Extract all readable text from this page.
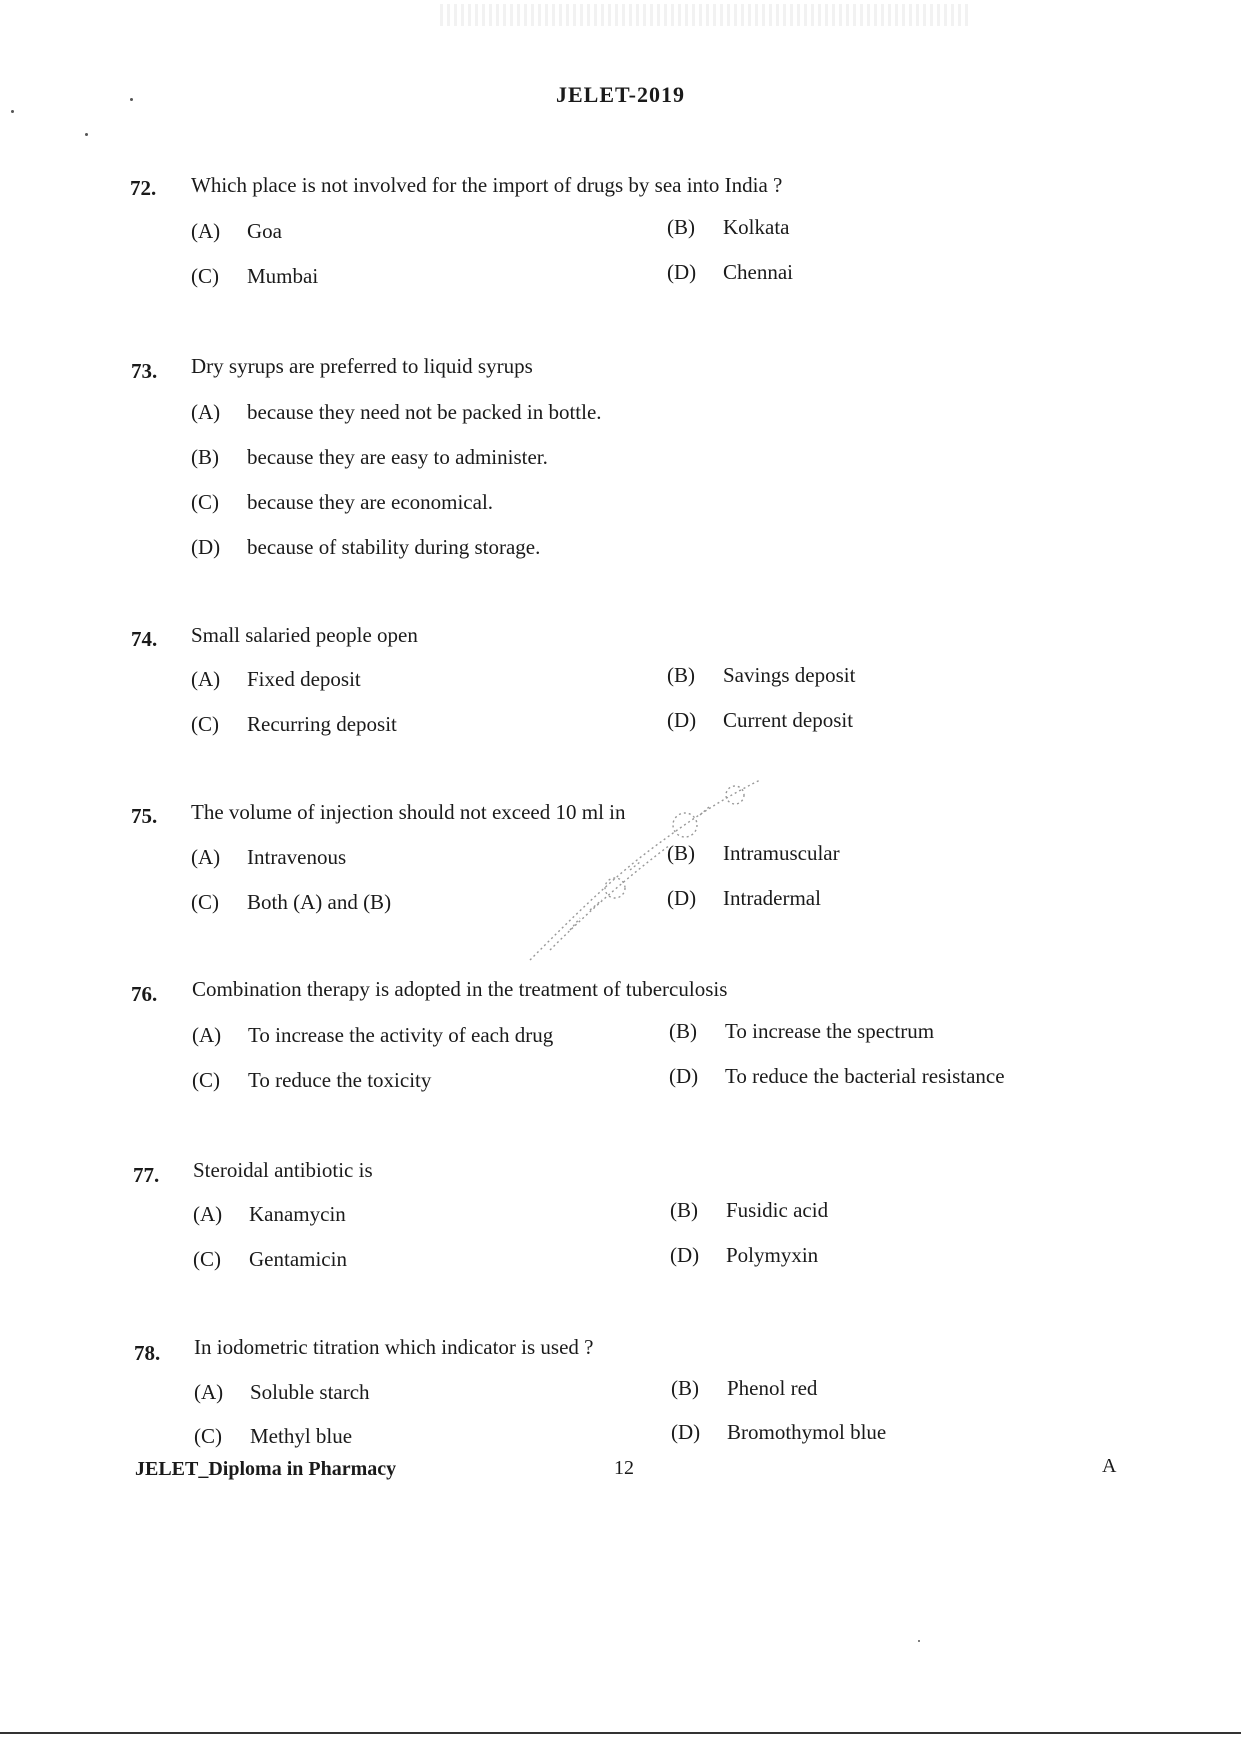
JELET-2019
72. Which place is not involved for the import of drugs by sea into India ?
(A) Goa	(B) Kolkata
(C) Mumbai	(D) Chennai
73. Dry syrups are preferred to liquid syrups
(A) because they need not be packed in bottle.
(B) because they are easy to administer.
(C) because they are economical.
(D) because of stability during storage.
74. Small salaried people open
(A) Fixed deposit	(B) Savings deposit
(C) Recurring deposit	(D) Current deposit
75. The volume of injection should not exceed 10 ml in
(A) Intravenous	(B) Intramuscular
(C) Both (A) and (B)	(D) Intradermal
76. Combination therapy is adopted in the treatment of tuberculosis
(A) To increase the activity of each drug	(B) To increase the spectrum
(C) To reduce the toxicity	(D) To reduce the bacterial resistance
77. Steroidal antibiotic is
(A) Kanamycin	(B) Fusidic acid
(C) Gentamicin	(D) Polymyxin
78. In iodometric titration which indicator is used ?
(A) Soluble starch	(B) Phenol red
(C) Methyl blue	(D) Bromothymol blue
JELET_Diploma in Pharmacy	12	A
